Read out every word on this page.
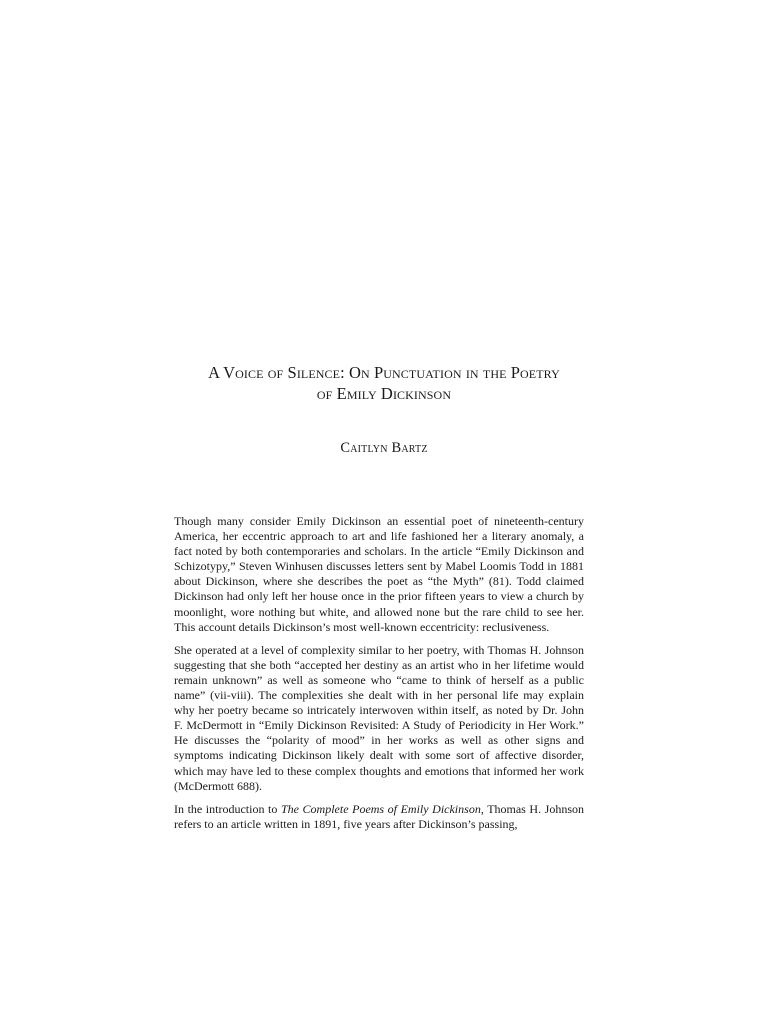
A Voice of Silence: On Punctuation in the Poetry
of Emily Dickinson
Caitlyn Bartz

Though many consider Emily Dickinson an essential poet of nineteenth-century America, her eccentric approach to art and life fashioned her a literary anomaly, a fact noted by both contemporaries and scholars. In the article “Emily Dickinson and Schizotypy,” Steven Winhusen discusses letters sent by Mabel Loomis Todd in 1881 about Dickinson, where she describes the poet as “the Myth” (81). Todd claimed Dickinson had only left her house once in the prior fifteen years to view a church by moonlight, wore nothing but white, and allowed none but the rare child to see her. This account details Dickinson’s most well-known eccentricity: reclusiveness.

She operated at a level of complexity similar to her poetry, with Thomas H. Johnson suggesting that she both “accepted her destiny as an artist who in her lifetime would remain unknown” as well as someone who “came to think of herself as a public name” (vii-viii). The complexities she dealt with in her personal life may explain why her poetry became so intricately interwoven within itself, as noted by Dr. John F. McDermott in “Emily Dickinson Revisited: A Study of Periodicity in Her Work.” He discusses the “polarity of mood” in her works as well as other signs and symptoms indicating Dickinson likely dealt with some sort of affective disorder, which may have led to these complex thoughts and emotions that informed her work (McDermott 688).

In the introduction to The Complete Poems of Emily Dickinson, Thomas H. Johnson refers to an article written in 1891, five years after Dickinson’s passing,
